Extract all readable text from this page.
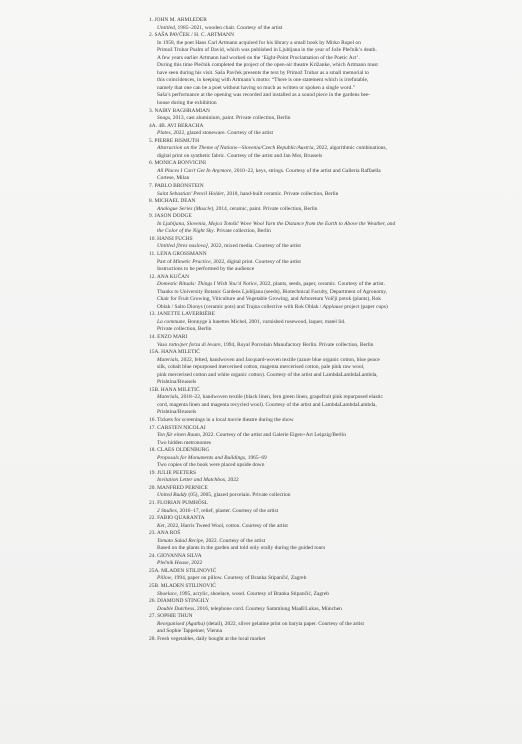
1. JOHN M. ARMLEDER
Untitled, 1985–2021, wooden chair. Courtesy of the artist
2. SAŠA PAVČEK / H. C. ARTMANN
In 1958, the poet Hans Carl Artmann acquired for his library a small book by Mirko Rupel on
Primož Trubar Psalm of David, which was published in Ljubljana in the year of Jože Plečnik’s death.
A few years earlier Artmann had worked on the ‘Eight-Point Proclamation of the Poetic Act’.
During this time Plečnik completed the project of the open-air theatre Križanke, which Artmann must
have seen during his visit. Saša Pavček presents the text by Primož Trubar as a small memorial to
this coincidences, in keeping with Artmann’s motto: “There is one statement which is irrefutable,
namely that one can be a poet without having so much as written or spoken a single word.”
Saša’s performance at the opening was recorded and installed as a sound piece in the gardens bee-
house during the exhibition
3. NAIRY BAGHRAMIAN
Snags, 2013, cast aluminium, paint. Private collection, Berlin
4A. 4B. AVI BERACHA
Plates, 2022, glazed stoneware. Courtesy of the artist
5. PIERRE BISMUTH
Abstraction on the Theme of Nations—Slovenia/Czech Republic/Austria, 2022, algorithmic combinations,
digital print on synthetic fabric. Courtesy of the artist and Jan Mot, Brussels
6. MONICA BONVICINI
All Places I Can’t Get In Anymore, 2010–22, keys, strings. Courtesy of the artist and Galleria Raffaella
Cortese, Milan
7. PABLO BRONSTEIN
Saint Sebastian’ Pencil Holder, 2018, hand-built ceramic. Private collection, Berlin
8. MICHAEL DEAN
Analogue Series (Muscle), 2014, ceramic, paint. Private collection, Berlin
9. JASON DODGE
In Ljubljana, Slovenia, Mojca Tomšič Wove Wool Yarn the Distance from the Earth to Above the Weather, and
the Color of the Night Sky. Private collection, Berlin
10. HANSI FUCHS
Untitled [brez naslova], 2022, mixed media. Courtesy of the artist
11. LENA GROSSMANN
Part of Mimetic Practice, 2022, digital print. Courtesy of the artist
Instructions to be performed by the audience
12. ANA KUČAN
Domestic Rituals: Things I Wish You’d Notice, 2022, plants, seeds, paper, ceramic. Courtesy of the artist.
Thanks to University Botanic Gardens Ljubljana (seeds), Biotechnical Faculty, Department of Agronomy,
Chair for Fruit Growing, Viticulture and Vegetable Growing, and Arboretum Volčji potok (plants), Rok
Oblak / Salto Dionys (ceramic pots) and Trajna collective with Rok Oblak / Applause project (paper cups)
13. JANETTE LAVERRIÈRE
La commune, Bonnyge à lunettes Michel, 2001, varnished rosewood, laquer, matel lid.
Private collection, Berlin
14. ENZO MARI
Vaso rotto/per forza di levare, 1994, Royal Porcelain Manufactory Berlin. Private collection, Berlin
15A. HANA MILETIĆ
Materials, 2022, felted, handwoven and Jacquard-woven textile (azure blue organic cotton, blue peace
silk, cobalt blue repurposed mercerised cotton, magenta mercerised cotton, pale pink raw wool,
pink mercerised cotton and white organic cotton). Courtesy of the artist and LambdaLambdaLambda,
Prishtina/Brussels
15B. HANA MILETIĆ
Materials, 2018–22, handwoven textile (black linen, fern green linen, grapefruit pink repurposed elastic
cord, magenta linen and magenta recycled wool). Courtesy of the artist and LambdaLambdaLambda,
Prishtina/Brussels
16. Tickets for screenings in a local movie theatre during the show
17. CARSTEN NICOLAI
Ton für einen Raum, 2022. Courtesy of the artist and Galerie Eigen+Art Leipzig/Berlin
Two hidden metronomes
18. CLAES OLDENBURG
Proposals for Monuments and Buildings, 1965–69
Two copies of the book were placed upside down
19. JULIE PEETERS
Invitation Letter and Matchbox, 2022
20. MANFRED PERNICE
United Buddy (05), 2005, glazed porcelain. Private collection
21. FLORIAN PUMHÖSL
2 Studies, 2016–17, relief, plaster. Courtesy of the artist
22. FABIO QUARANTA
Ket, 2022, Harris Tweed Wool, cotton. Courtesy of the artist
23. ANA ROŠ
Tomato Salad Recipe, 2022. Courtesy of the artist
Based on the plants in the garden and told only orally during the guided tours
24. GIOVANNA SILVA
Plečnik House, 2022
25A. MLADEN STILINOVIĆ
Pillow, 1994, paper on pillow. Courtesy of Branka Stipančić, Zagreb
25B. MLADEN STILINOVIĆ
Shoelace, 1995, acrylic, shoelace, wood. Courtesy of Branka Stipančić, Zagreb
26. DIAMOND STINGILY
Double Dutchess, 2016, telephone cord. Courtesy Sammlung Maaß/Lukas, München
27. SOPHIE THUN
Reorganised (Agatha) (detail), 2022, silver gelatine print on baryta paper. Courtesy of the artist
and Sophie Tappeiner, Vienna
28. Fresh vegetables, daily bought at the local market
